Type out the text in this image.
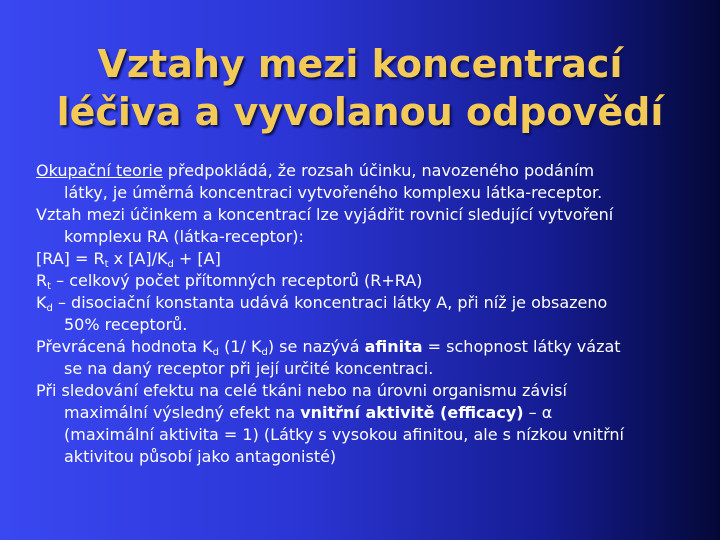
Vztahy mezi koncentrací
léčiva a vyvolanou odpovědí

Okupační teorie předpokládá, že rozsah účinku, navozeného podáním
látky, je úměrná koncentraci vytvořeného komplexu látka-receptor.

Vztah mezi účinkem a koncentrací lze vyjádřit rovnicí sledující vytvoření
komplexu RA (látka-receptor):

$[RA] = R_t$ x $[A]/K_d + [A]$

$R_t$ – celkový počet přítomných receptorů (R+RA)

$K_d$ – disociační konstanta udává koncentraci látky A, při níž je obsazeno
50% receptorů.

Převrácená hodnota $K_d$ (1/ $K_d$) se nazývá afinita = schopnost látky vázat
se na daný receptor při její určité koncentraci.

Při sledování efektu na celé tkáni nebo na úrovni organismu závisí
maximální výsledný efekt na vnitřní aktivitě (efficacy) – α
(maximální aktivita = 1) (Látky s vysokou afinitou, ale s nízkou vnitřní
aktivitou působí jako antagonisté)
